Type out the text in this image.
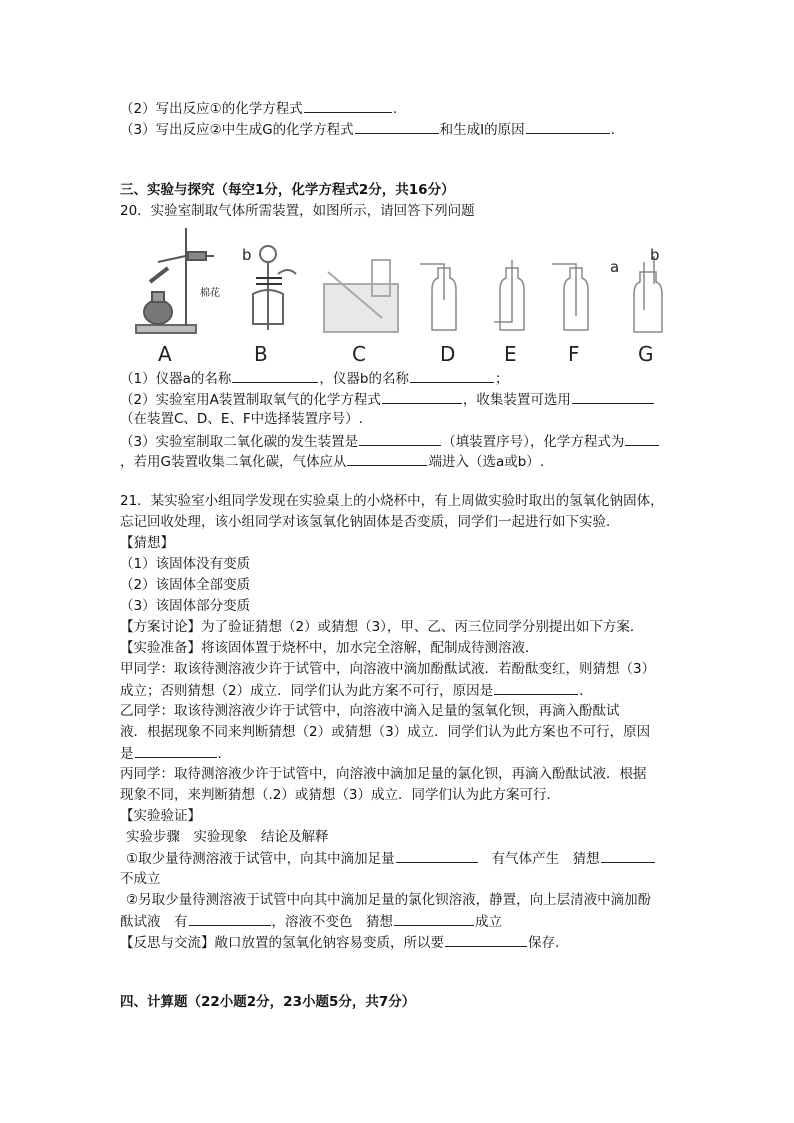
（2）写出反应①的化学方程式	.
（3）写出反应②中生成G的化学方程式	和生成I的原因	.
三、实验与探究（每空1分，化学方程式2分，共16分）
20．实验室制取气体所需装置，如图所示，请回答下列问题
b
棉花
a
b
A	B	C	D E	F	G
（1）仪器a的名称	，仪器b的名称	；
（2）实验室用A装置制取氧气的化学方程式	，收集装置可选用
（在装置C、D、E、F中选择装置序号）.
（3）实验室制取二氧化碳的发生装置是	（填装置序号），化学方程式为
，若用G装置收集二氧化碳，气体应从	端进入（选a或b）.
21．某实验室小组同学发现在实验桌上的小烧杯中，有上周做实验时取出的氢氧化钠固体，
忘记回收处理，该小组同学对该氢氧化钠固体是否变质，同学们一起进行如下实验．
【猜想】
（1）该固体没有变质
（2）该固体全部变质
（3）该固体部分变质
【方案讨论】为了验证猜想（2）或猜想（3），甲、乙、丙三位同学分别提出如下方案．
【实验准备】将该固体置于烧杯中，加水完全溶解，配制成待测溶液．
甲同学：取该待测溶液少许于试管中，向溶液中滴加酚酞试液．若酚酞变红，则猜想（3）
成立；否则猜想（2）成立．同学们认为此方案不可行，原因是	.
乙同学：取该待测溶液少许于试管中，向溶液中滴入足量的氢氧化钡，再滴入酚酞试
液．根据现象不同来判断猜想（2）或猜想（3）成立．同学们认为此方案也不可行，原因
是	.
丙同学：取待测溶液少许于试管中，向溶液中滴加足量的氯化钡，再滴入酚酞试液．根据
现象不同，来判断猜想（.2）或猜想（3）成立．同学们认为此方案可行．
【实验验证】
实验步骤　实验现象　结论及解释
①取少量待测溶液于试管中，向其中滴加足量	有气体产生　猜想
不成立
②另取少量待测溶液于试管中向其中滴加足量的氯化钡溶液，静置，向上层清液中滴加酚
酞试液　有	，溶液不变色　猜想	成立
【反思与交流】敞口放置的氢氧化钠容易变质，所以要	保存.
四、计算题（22小题2分，23小题5分，共7分）
